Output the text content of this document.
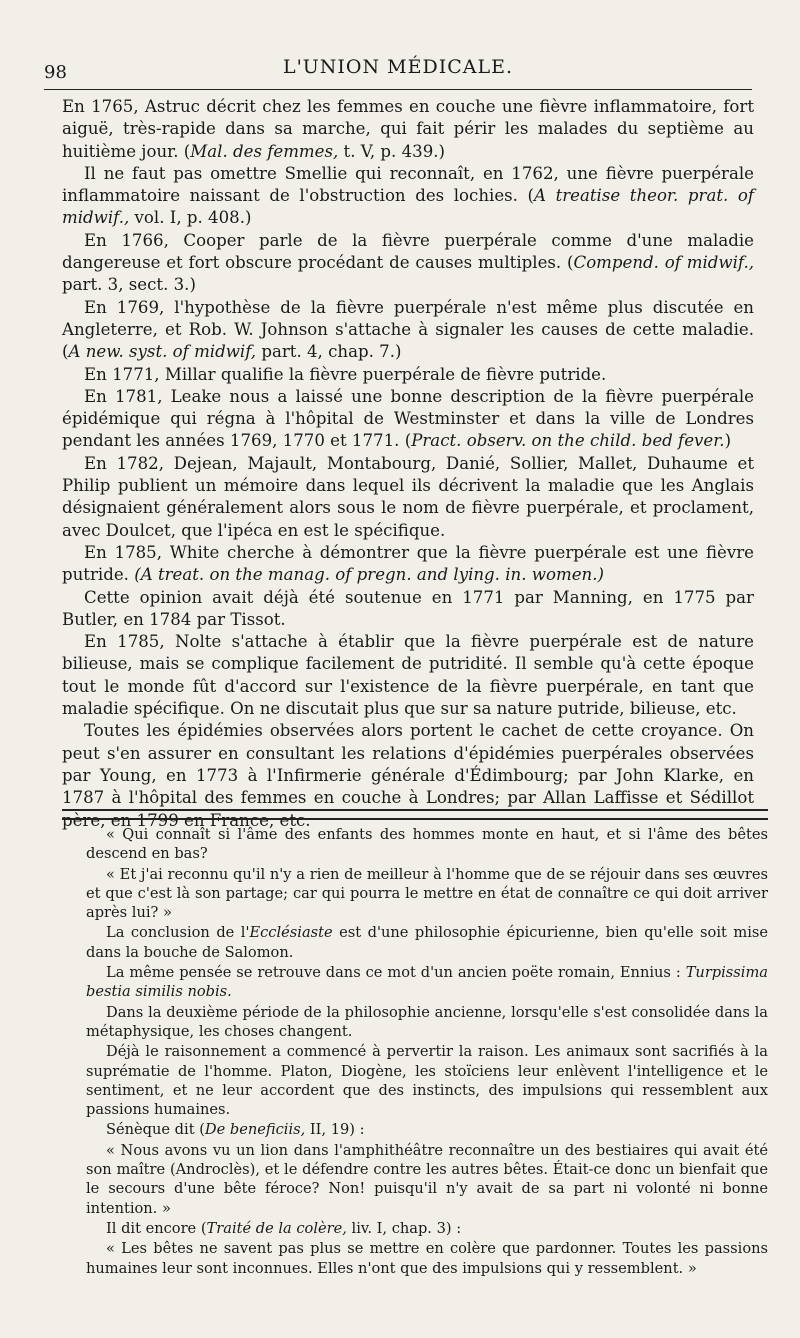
98	L'UNION MÉDICALE.

En 1765, Astruc décrit chez les femmes en couche une fièvre inflammatoire, fort aiguë, très-rapide dans sa marche, qui fait périr les malades du septième au huitième jour. (Mal. des femmes, t. V, p. 439.)

Il ne faut pas omettre Smellie qui reconnaît, en 1762, une fièvre puerpérale inflammatoire naissant de l'obstruction des lochies. (A treatise theor. prat. of midwif., vol. I, p. 408.)

En 1766, Cooper parle de la fièvre puerpérale comme d'une maladie dangereuse et fort obscure procédant de causes multiples. (Compend. of midwif., part. 3, sect. 3.)

En 1769, l'hypothèse de la fièvre puerpérale n'est même plus discutée en Angleterre, et Rob. W. Johnson s'attache à signaler les causes de cette maladie. (A new. syst. of midwif, part. 4, chap. 7.)

En 1771, Millar qualifie la fièvre puerpérale de fièvre putride.

En 1781, Leake nous a laissé une bonne description de la fièvre puerpérale épidémique qui régna à l'hôpital de Westminster et dans la ville de Londres pendant les années 1769, 1770 et 1771. (Pract. observ. on the child. bed fever.)

En 1782, Dejean, Majault, Montabourg, Danié, Sollier, Mallet, Duhaume et Philip publient un mémoire dans lequel ils décrivent la maladie que les Anglais désignaient généralement alors sous le nom de fièvre puerpérale, et proclament, avec Doulcet, que l'ipéca en est le spécifique.

En 1785, White cherche à démontrer que la fièvre puerpérale est une fièvre putride. (A treat. on the manag. of pregn. and lying. in. women.)

Cette opinion avait déjà été soutenue en 1771 par Manning, en 1775 par Butler, en 1784 par Tissot.

En 1785, Nolte s'attache à établir que la fièvre puerpérale est de nature bilieuse, mais se complique facilement de putridité. Il semble qu'à cette époque tout le monde fût d'accord sur l'existence de la fièvre puerpérale, en tant que maladie spécifique. On ne discutait plus que sur sa nature putride, bilieuse, etc.

Toutes les épidémies observées alors portent le cachet de cette croyance. On peut s'en assurer en consultant les relations d'épidémies puerpérales observées par Young, en 1773 à l'Infirmerie générale d'Édimbourg; par John Klarke, en 1787 à l'hôpital des femmes en couche à Londres; par Allan Laffisse et Sédillot père, en 1799 en France, etc.

« Qui connaît si l'âme des enfants des hommes monte en haut, et si l'âme des bêtes descend en bas?

« Et j'ai reconnu qu'il n'y a rien de meilleur à l'homme que de se réjouir dans ses œuvres et que c'est là son partage; car qui pourra le mettre en état de connaître ce qui doit arriver après lui? »

La conclusion de l'Ecclésiaste est d'une philosophie épicurienne, bien qu'elle soit mise dans la bouche de Salomon.

La même pensée se retrouve dans ce mot d'un ancien poëte romain, Ennius : Turpissima bestia similis nobis.

Dans la deuxième période de la philosophie ancienne, lorsqu'elle s'est consolidée dans la métaphysique, les choses changent.

Déjà le raisonnement a commencé à pervertir la raison. Les animaux sont sacrifiés à la suprématie de l'homme. Platon, Diogène, les stoïciens leur enlèvent l'intelligence et le sentiment, et ne leur accordent que des instincts, des impulsions qui ressemblent aux passions humaines.

Sénèque dit (De beneficiis, II, 19) :

« Nous avons vu un lion dans l'amphithéâtre reconnaître un des bestiaires qui avait été son maître (Androclès), et le défendre contre les autres bêtes. Était-ce donc un bienfait que le secours d'une bête féroce? Non! puisqu'il n'y avait de sa part ni volonté ni bonne intention. »

Il dit encore (Traité de la colère, liv. I, chap. 3) :

« Les bêtes ne savent pas plus se mettre en colère que pardonner. Toutes les passions humaines leur sont inconnues. Elles n'ont que des impulsions qui y ressemblent. »
